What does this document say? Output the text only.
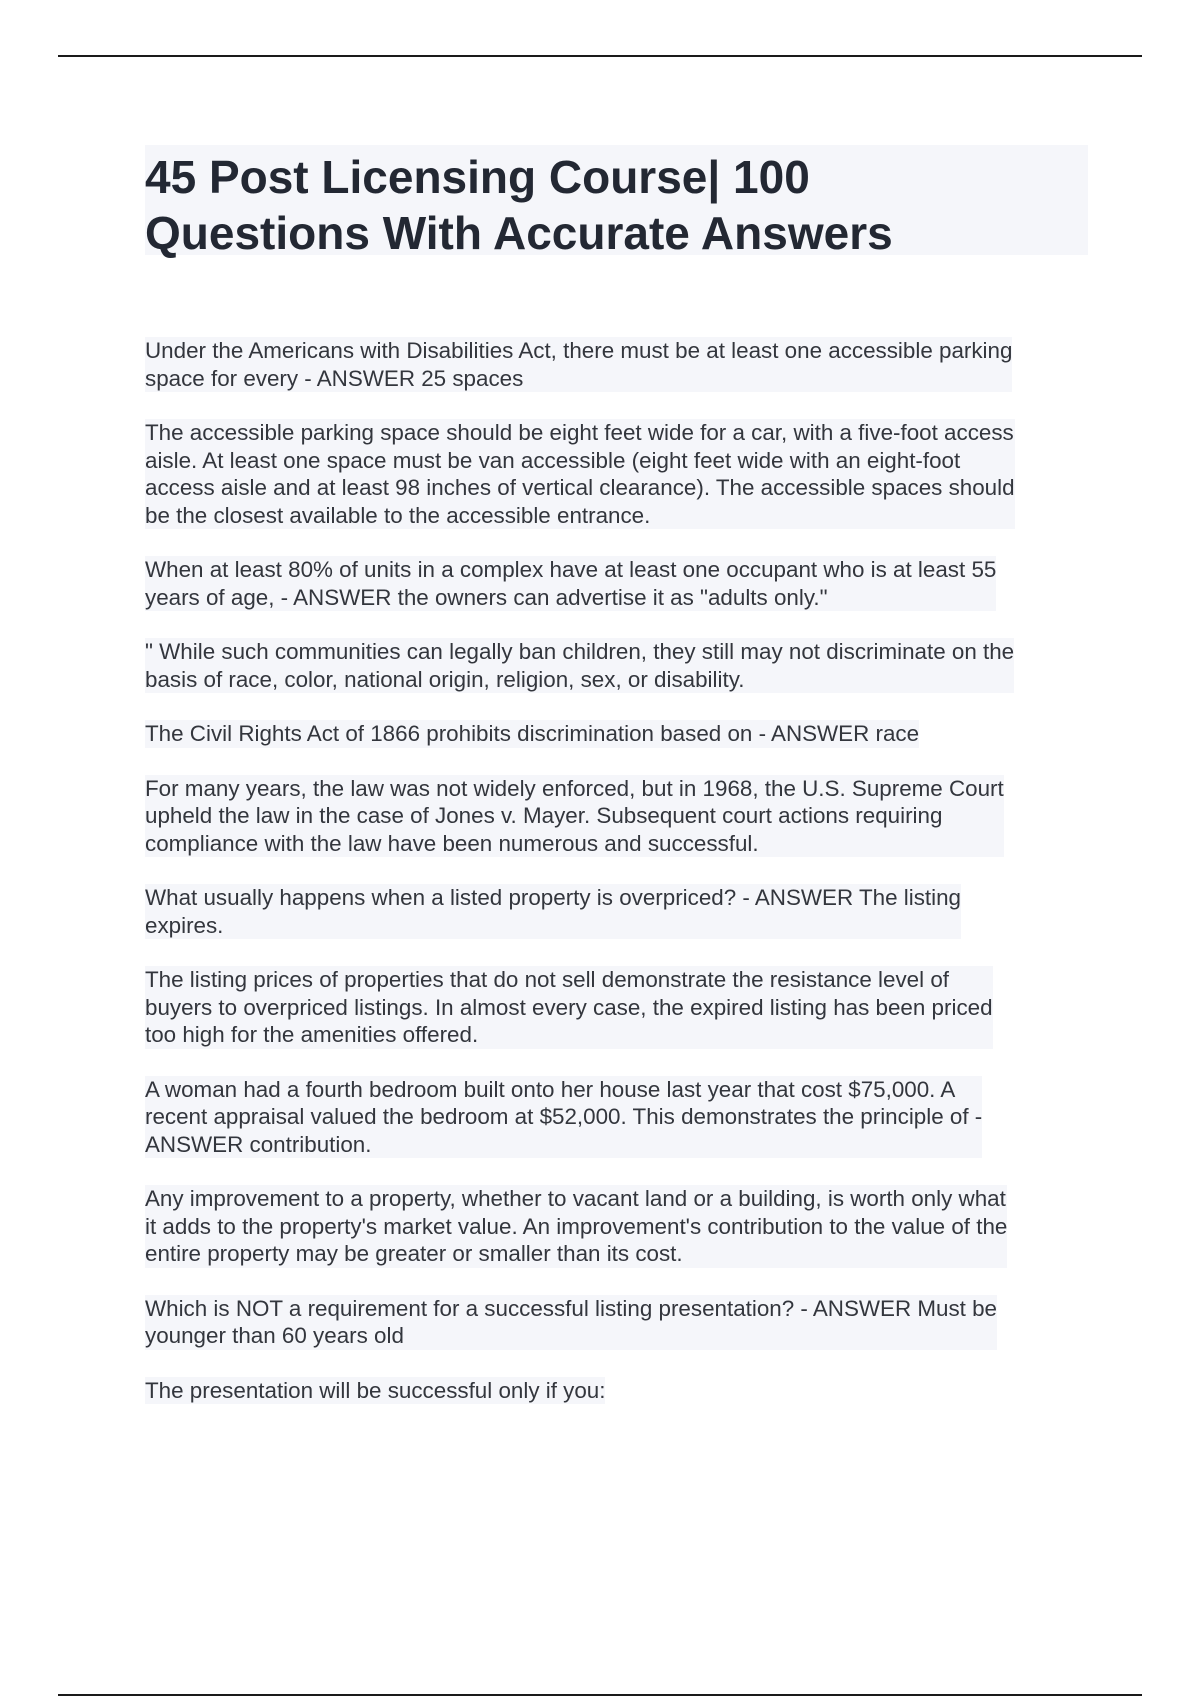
45 Post Licensing Course| 100
Questions With Accurate Answers

Under the Americans with Disabilities Act, there must be at least one accessible parking
space for every - ANSWER 25 spaces

The accessible parking space should be eight feet wide for a car, with a five-foot access
aisle. At least one space must be van accessible (eight feet wide with an eight-foot
access aisle and at least 98 inches of vertical clearance). The accessible spaces should
be the closest available to the accessible entrance.

When at least 80% of units in a complex have at least one occupant who is at least 55
years of age, - ANSWER the owners can advertise it as "adults only."

" While such communities can legally ban children, they still may not discriminate on the
basis of race, color, national origin, religion, sex, or disability.

The Civil Rights Act of 1866 prohibits discrimination based on - ANSWER race

For many years, the law was not widely enforced, but in 1968, the U.S. Supreme Court
upheld the law in the case of Jones v. Mayer. Subsequent court actions requiring
compliance with the law have been numerous and successful.

What usually happens when a listed property is overpriced? - ANSWER The listing
expires.

The listing prices of properties that do not sell demonstrate the resistance level of
buyers to overpriced listings. In almost every case, the expired listing has been priced
too high for the amenities offered.

A woman had a fourth bedroom built onto her house last year that cost $75,000. A
recent appraisal valued the bedroom at $52,000. This demonstrates the principle of -
ANSWER contribution.

Any improvement to a property, whether to vacant land or a building, is worth only what
it adds to the property's market value. An improvement's contribution to the value of the
entire property may be greater or smaller than its cost.

Which is NOT a requirement for a successful listing presentation? - ANSWER Must be
younger than 60 years old

The presentation will be successful only if you:
